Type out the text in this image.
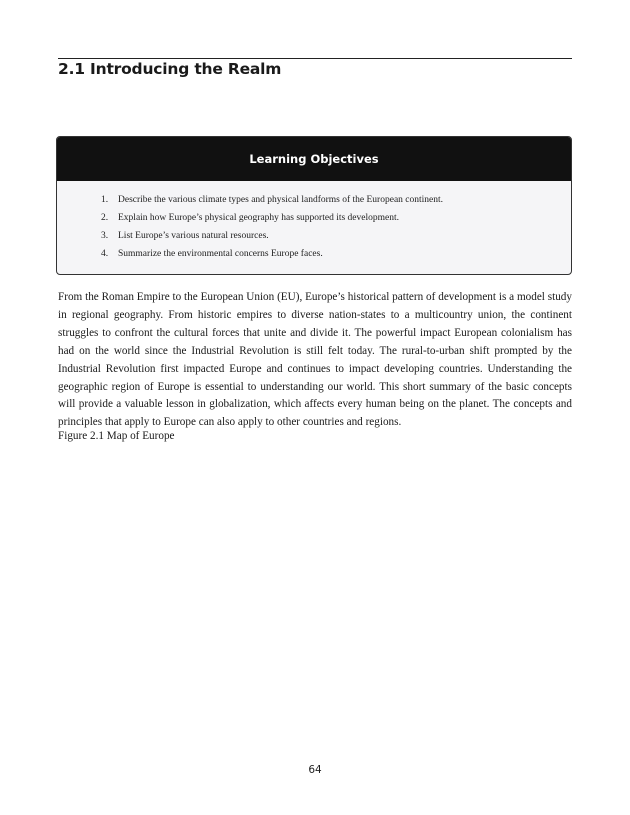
2.1 Introducing the Realm
Learning Objectives
1.	Describe the various climate types and physical landforms of the European continent.
2.	Explain how Europe’s physical geography has supported its development.
3.	List Europe’s various natural resources.
4.	Summarize the environmental concerns Europe faces.

From the Roman Empire to the European Union (EU), Europe’s historical pattern of development is a model study in regional geography. From historic empires to diverse nation-states to a multicountry union, the continent struggles to confront the cultural forces that unite and divide it. The powerful impact European colonialism has had on the world since the Industrial Revolution is still felt today. The rural-to-urban shift prompted by the Industrial Revolution first impacted Europe and continues to impact developing countries. Understanding the geographic region of Europe is essential to understanding our world. This short summary of the basic concepts will provide a valuable lesson in globalization, which affects every human being on the planet. The concepts and principles that apply to Europe can also apply to other countries and regions.

Figure 2.1 Map of Europe

64
